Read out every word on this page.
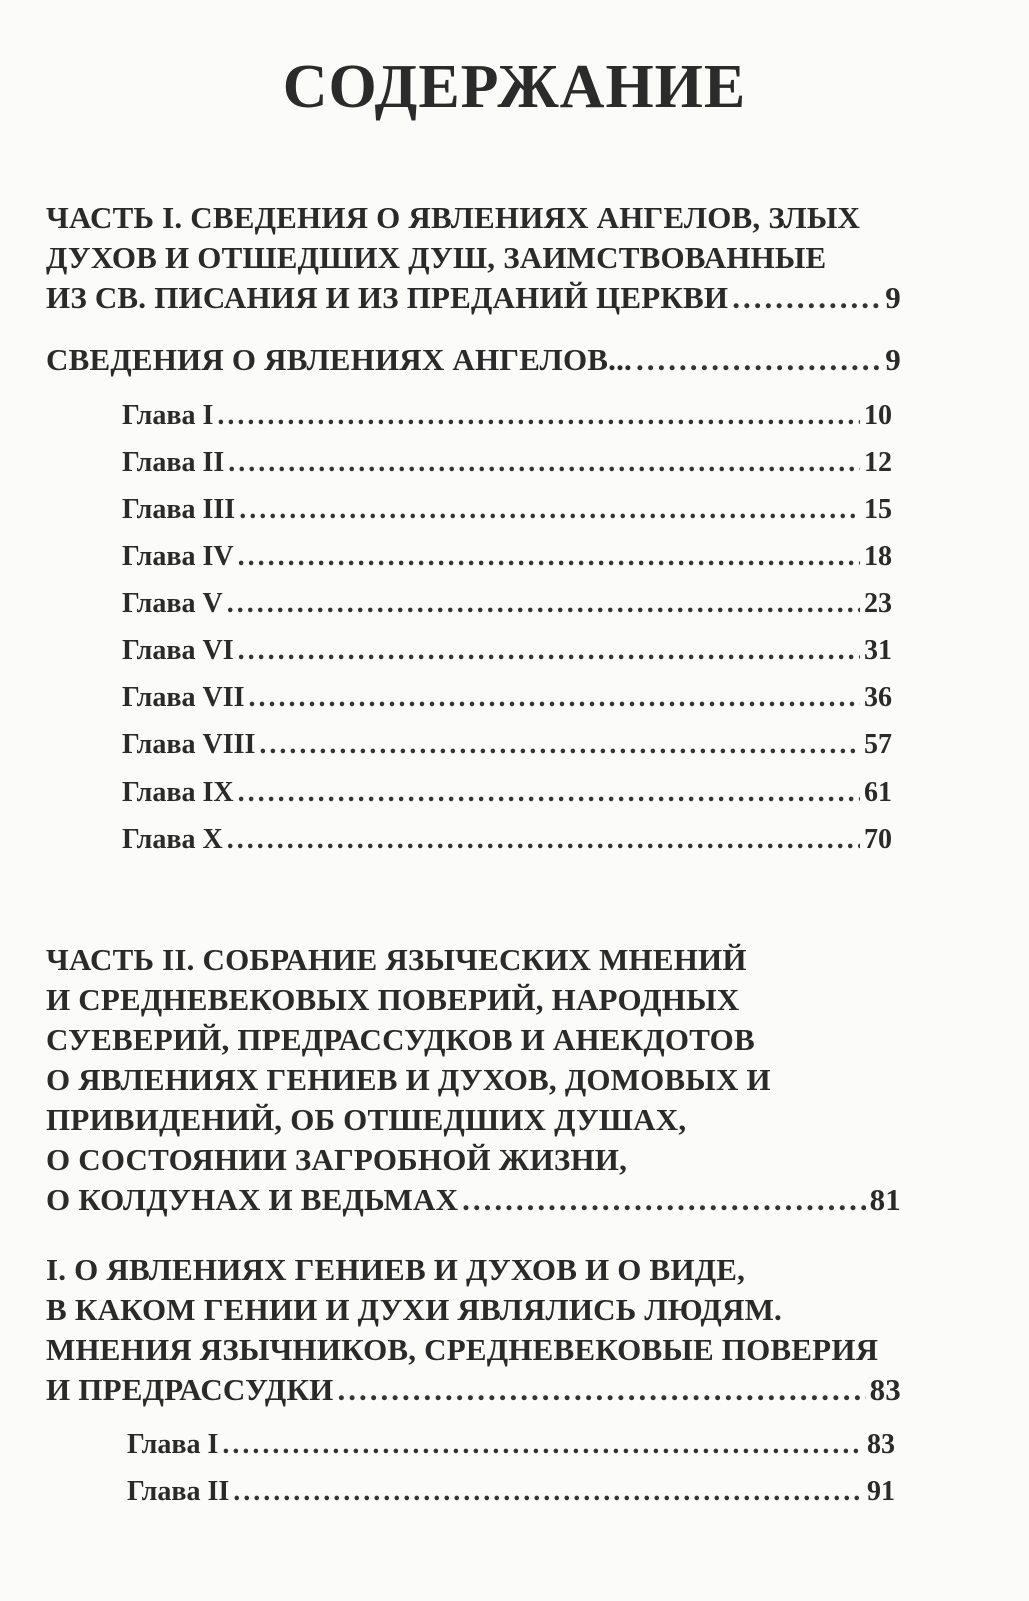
СОДЕРЖАНИЕ
ЧАСТЬ I. СВЕДЕНИЯ О ЯВЛЕНИЯХ АНГЕЛОВ, ЗЛЫХ
ДУХОВ И ОТШЕДШИХ ДУШ, ЗАИМСТВОВАННЫЕ
ИЗ СВ. ПИСАНИЯ И ИЗ ПРЕДАНИЙ ЦЕРКВИ .....	9
СВЕДЕНИЯ О ЯВЛЕНИЯХ АНГЕЛОВ... .....	9
Глава I .....	10
Глава II .....	12
Глава III .....	15
Глава IV .....	18
Глава V .....	23
Глава VI .....	31
Глава VII .....	36
Глава VIII .....	57
Глава IX .....	61
Глава X .....	70
ЧАСТЬ II. СОБРАНИЕ ЯЗЫЧЕСКИХ МНЕНИЙ
И СРЕДНЕВЕКОВЫХ ПОВЕРИЙ, НАРОДНЫХ
СУЕВЕРИЙ, ПРЕДРАССУДКОВ И АНЕКДОТОВ
О ЯВЛЕНИЯХ ГЕНИЕВ И ДУХОВ, ДОМОВЫХ И
ПРИВИДЕНИЙ, ОБ ОТШЕДШИХ ДУШАХ,
О СОСТОЯНИИ ЗАГРОБНОЙ ЖИЗНИ,
О КОЛДУНАХ И ВЕДЬМАХ .....	81
I. О ЯВЛЕНИЯХ ГЕНИЕВ И ДУХОВ И О ВИДЕ,
В КАКОМ ГЕНИИ И ДУХИ ЯВЛЯЛИСЬ ЛЮДЯМ.
МНЕНИЯ ЯЗЫЧНИКОВ, СРЕДНЕВЕКОВЫЕ ПОВЕРИЯ
И ПРЕДРАССУДКИ .....	83
Глава I .....	83
Глава II .....	91
